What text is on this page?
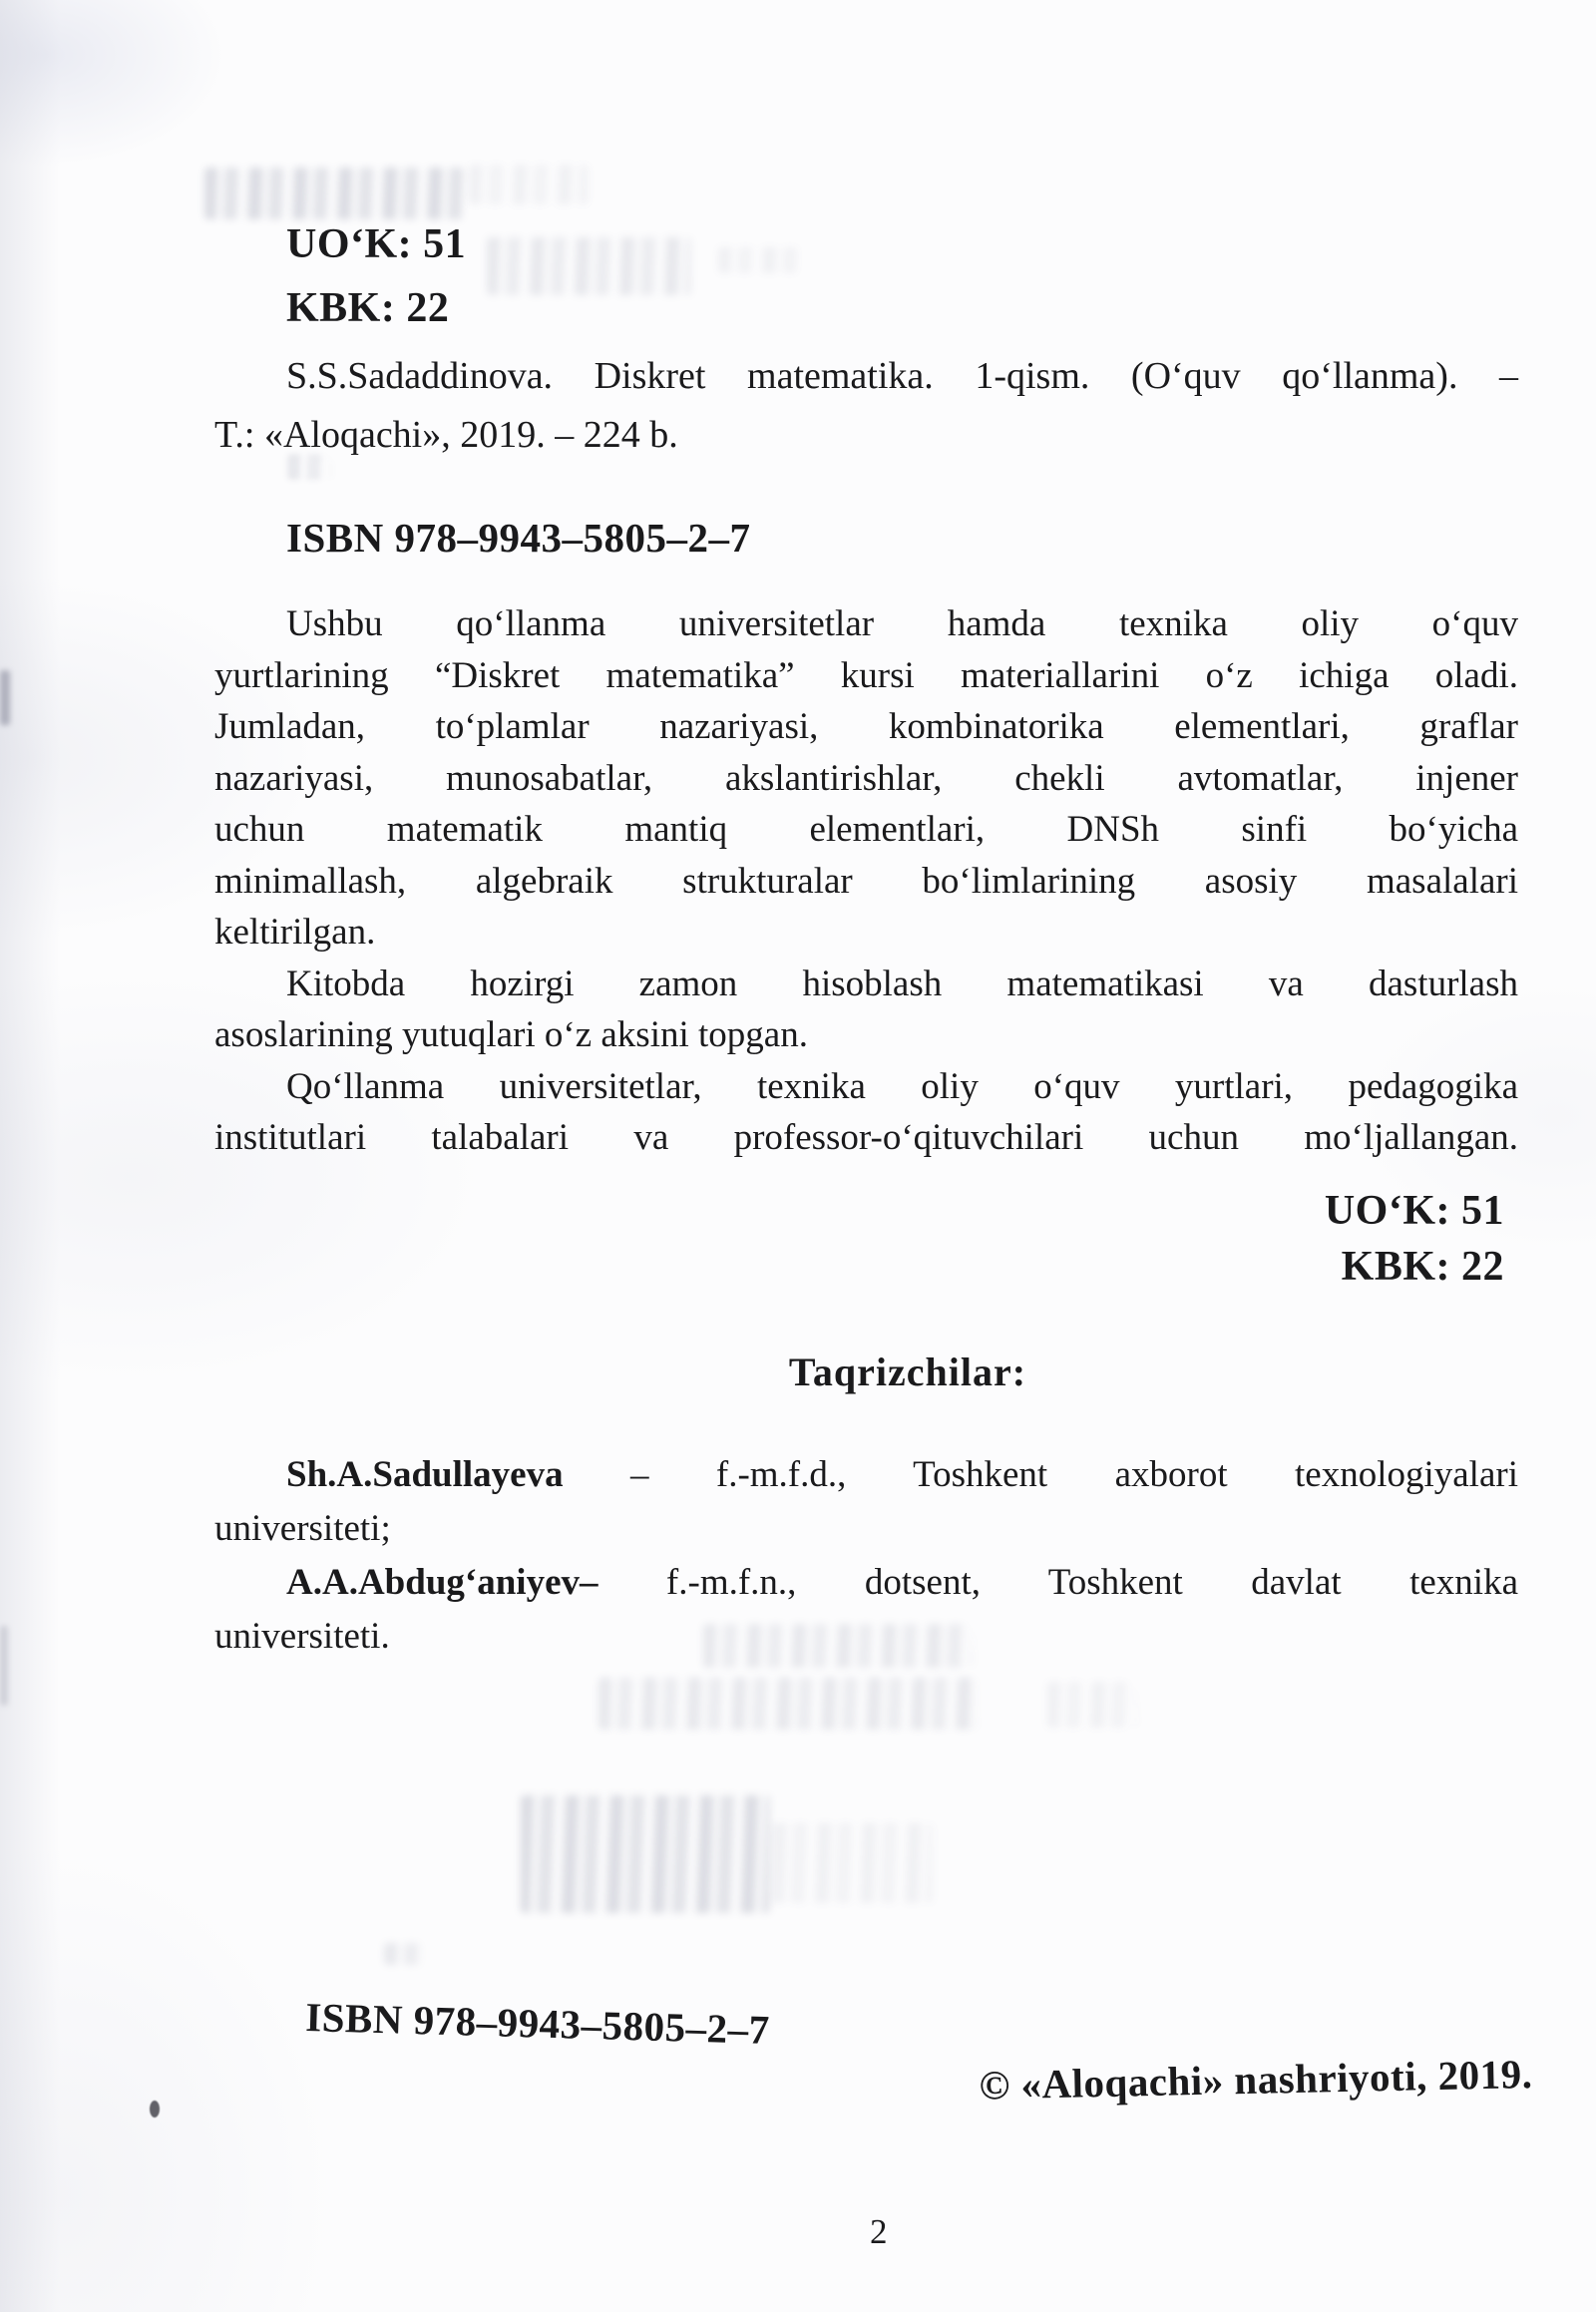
UO‘K: 51
KBK: 22
S.S.Sadaddinova. Diskret matematika. 1-qism. (O‘quv qo‘llanma). –
T.: «Aloqachi», 2019. – 224 b.
ISBN 978–9943–5805–2–7
Ushbu qo‘llanma universitetlar hamda texnika oliy o‘quv
yurtlarining “Diskret matematika” kursi materiallarini o‘z ichiga oladi.
Jumladan, to‘plamlar nazariyasi, kombinatorika elementlari, graflar
nazariyasi, munosabatlar, akslantirishlar, chekli avtomatlar, injener
uchun matematik mantiq elementlari, DNSh sinfi bo‘yicha
minimallash, algebraik strukturalar bo‘limlarining asosiy masalalari
keltirilgan.
Kitobda hozirgi zamon hisoblash matematikasi va dasturlash
asoslarining yutuqlari o‘z aksini topgan.
Qo‘llanma universitetlar, texnika oliy o‘quv yurtlari, pedagogika
institutlari talabalari va professor-o‘qituvchilari uchun mo‘ljallangan.
UO‘K: 51
KBK: 22
Taqrizchilar:
Sh.A.Sadullayeva – f.-m.f.d., Toshkent axborot texnologiyalari
universiteti;
A.A.Abdug‘aniyev– f.-m.f.n., dotsent, Toshkent davlat texnika
universiteti.
ISBN 978–9943–5805–2–7
© «Aloqachi» nashriyoti, 2019.
2
